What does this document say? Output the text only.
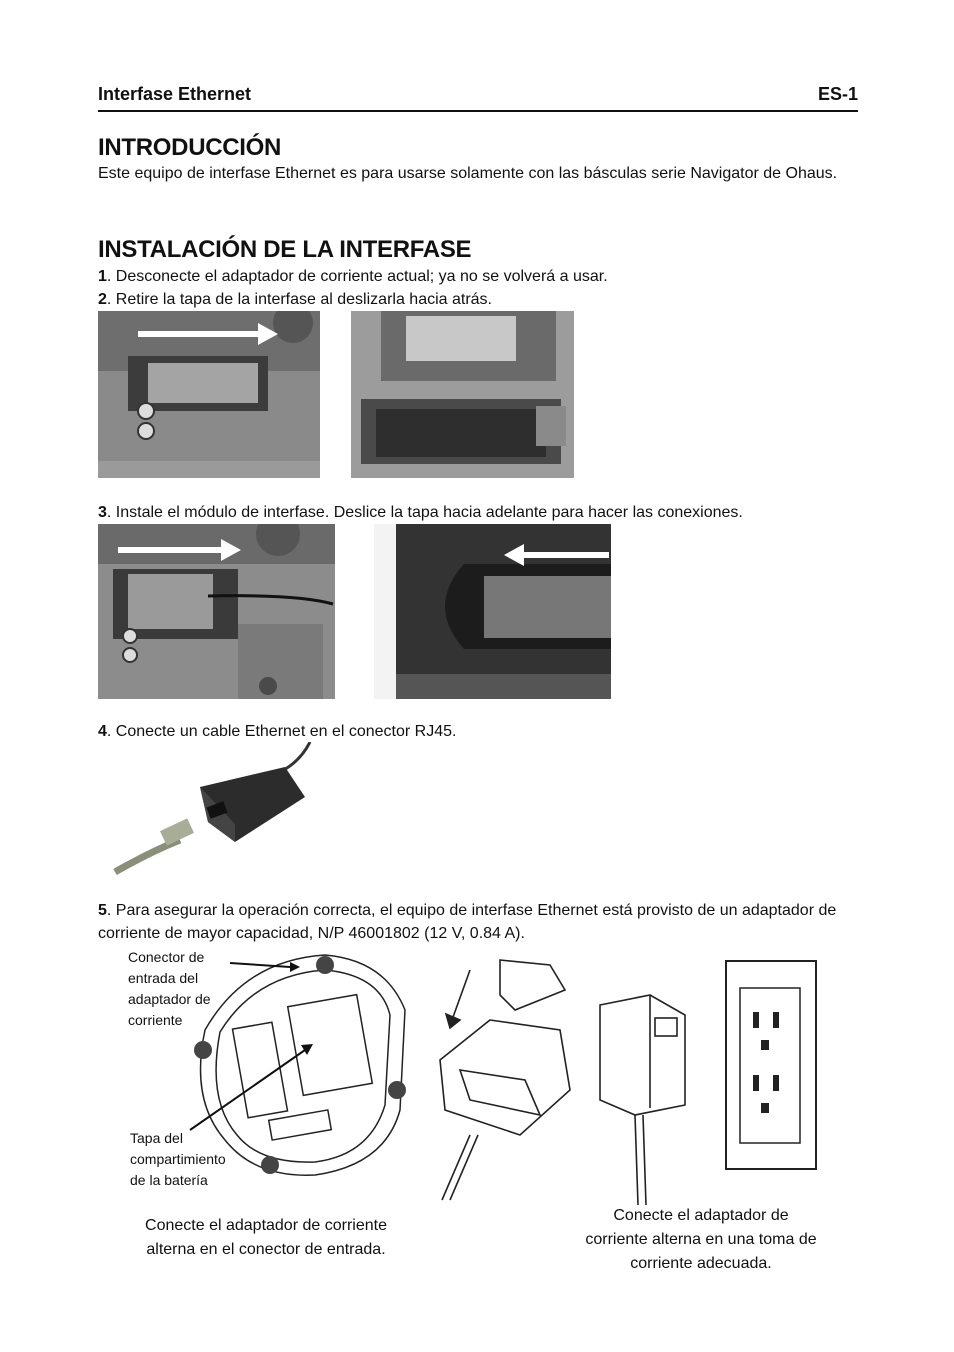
Interfase Ethernet	ES-1
INTRODUCCIÓN

Este equipo de interfase Ethernet es para usarse solamente con las básculas serie Navigator de Ohaus.

INSTALACIÓN DE LA INTERFASE

1. Desconecte el adaptador de corriente actual; ya no se volverá a usar.

2. Retire la tapa de la interfase al deslizarla hacia atrás.

3. Instale el módulo de interfase. Deslice la tapa hacia adelante para hacer las conexiones.

4. Conecte un cable Ethernet en el conector RJ45.

5. Para asegurar la operación correcta, el equipo de interfase Ethernet está provisto de un adaptador de corriente de mayor capacidad, N/P 46001802 (12 V, 0.84 A).

Conector de entrada del adaptador de corriente
Tapa del compartimiento de la batería
Conecte el adaptador de corriente alterna en el conector de entrada.
Conecte el adaptador de corriente alterna en una toma de corriente adecuada.
